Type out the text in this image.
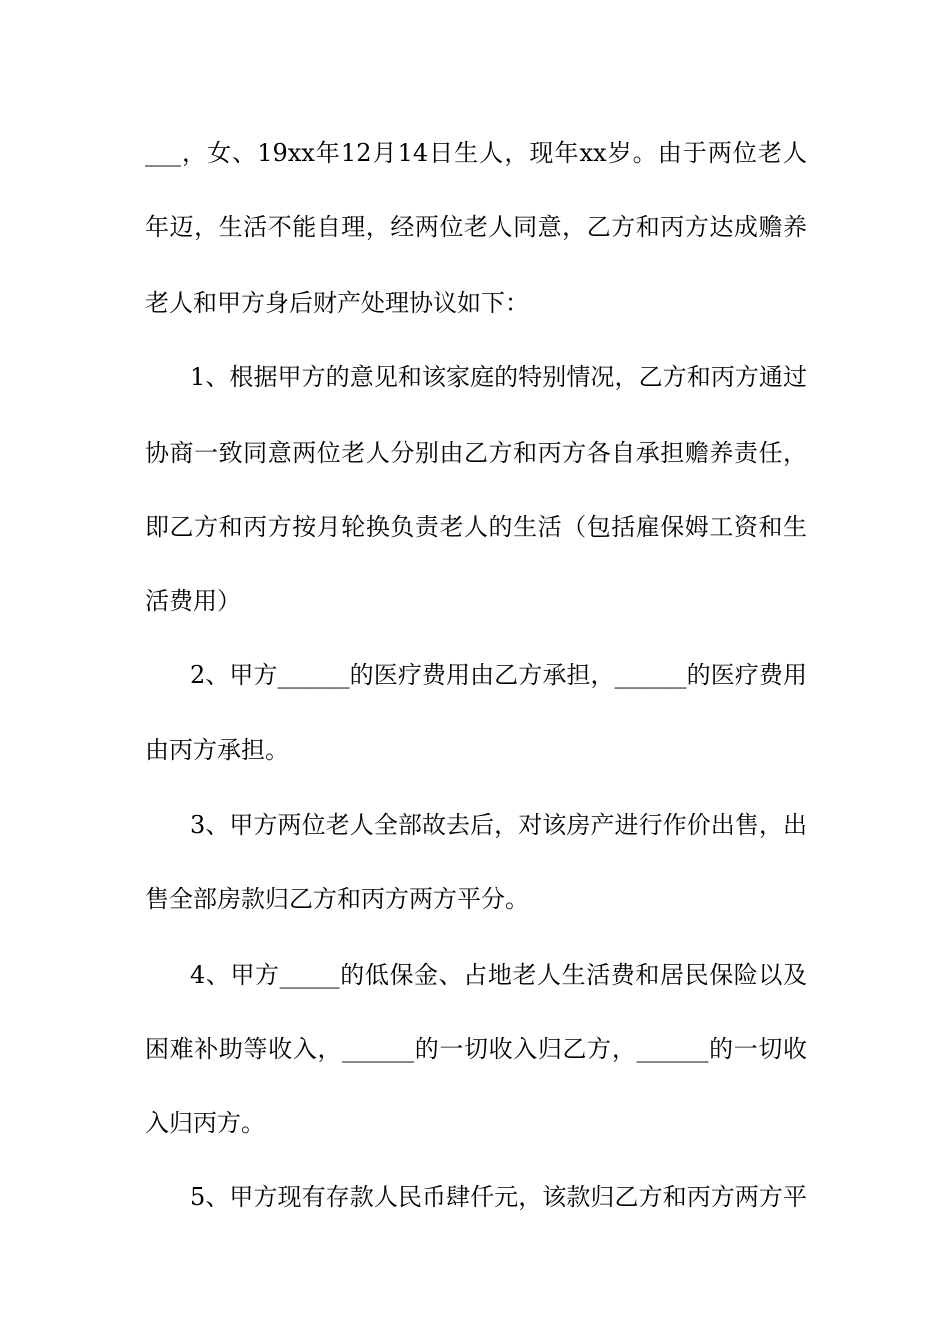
___，女、19xx年12月14日生人，现年xx岁。由于两位老人
年迈，生活不能自理，经两位老人同意，乙方和丙方达成赡养
老人和甲方身后财产处理协议如下：
1、根据甲方的意见和该家庭的特别情况，乙方和丙方通过
协商一致同意两位老人分别由乙方和丙方各自承担赡养责任，
即乙方和丙方按月轮换负责老人的生活（包括雇保姆工资和生
活费用）
2、甲方______的医疗费用由乙方承担，______的医疗费用
由丙方承担。
3、甲方两位老人全部故去后，对该房产进行作价出售，出
售全部房款归乙方和丙方两方平分。
4、甲方_____的低保金、占地老人生活费和居民保险以及
困难补助等收入，______的一切收入归乙方，______的一切收
入归丙方。
5、甲方现有存款人民币肆仟元，该款归乙方和丙方两方平
